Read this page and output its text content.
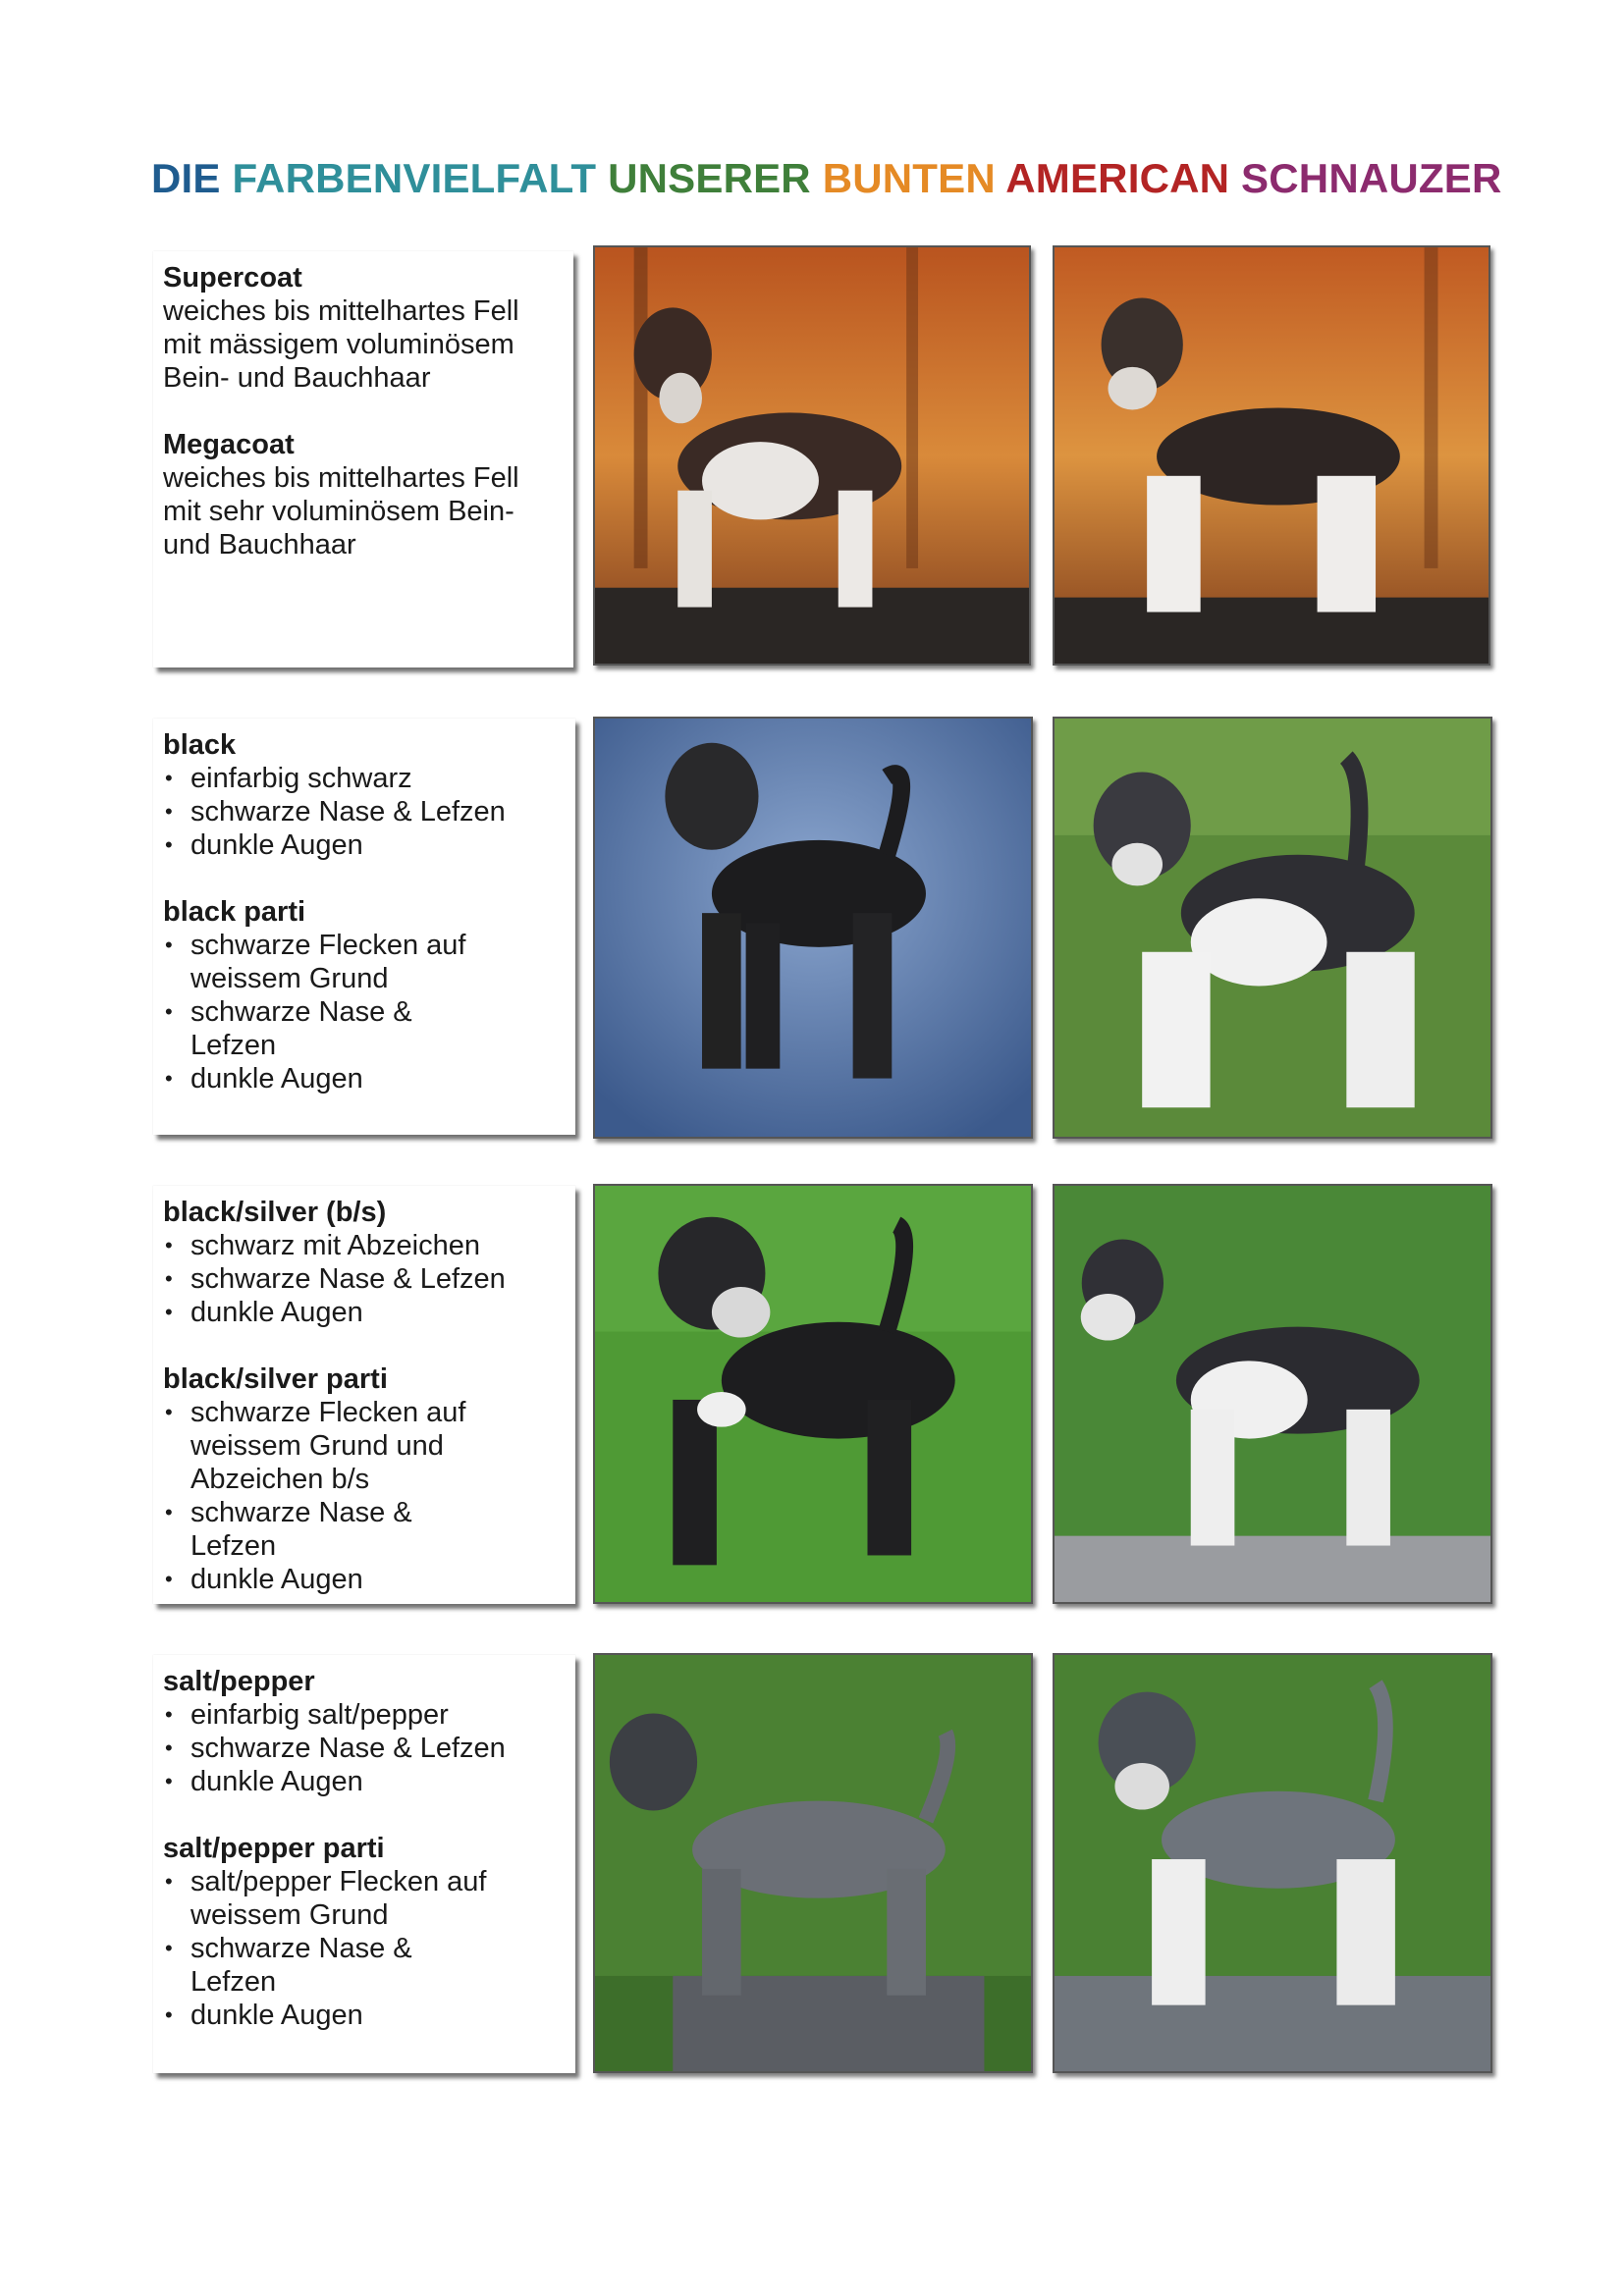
DIE FARBENVIELFALT UNSERER BUNTEN AMERICAN SCHNAUZER

Supercoat

weiches bis mittelhartes Fell

mit mässigem voluminösem

Bein- und Bauchhaar

Megacoat

weiches bis mittelhartes Fell

mit sehr voluminösem Bein-

und Bauchhaar

black

• einfarbig schwarz
• schwarze Nase & Lefzen
• dunkle Augen

black parti

• schwarze Flecken auf weissem Grund
• schwarze Nase & Lefzen
• dunkle Augen

black/silver (b/s)

• schwarz mit Abzeichen
• schwarze Nase & Lefzen
• dunkle Augen

black/silver parti

• schwarze Flecken auf weissem Grund und Abzeichen b/s
• schwarze Nase & Lefzen
• dunkle Augen

salt/pepper

• einfarbig salt/pepper
• schwarze Nase & Lefzen
• dunkle Augen

salt/pepper parti

• salt/pepper Flecken auf weissem Grund
• schwarze Nase & Lefzen
• dunkle Augen
